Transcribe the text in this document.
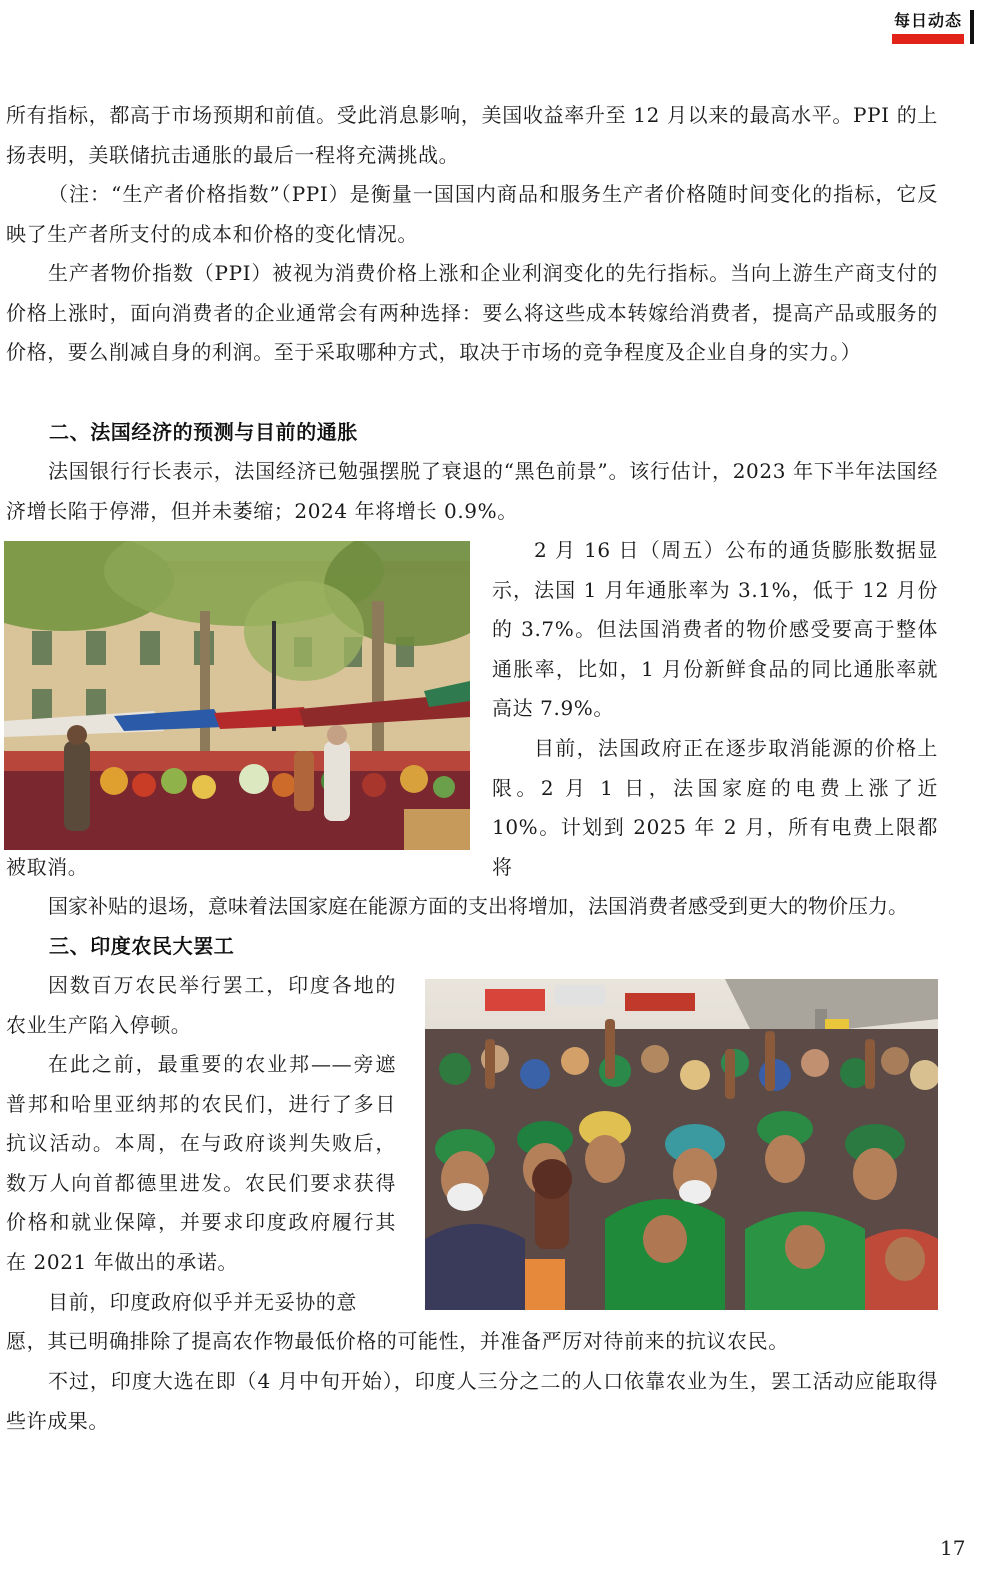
每日动态

所有指标，都高于市场预期和前值。受此消息影响，美国收益率升至 12 月以来的最高水平。PPI 的上扬表明，美联储抗击通胀的最后一程将充满挑战。

（注：“生产者价格指数”（PPI）是衡量一国国内商品和服务生产者价格随时间变化的指标，它反映了生产者所支付的成本和价格的变化情况。

生产者物价指数（PPI）被视为消费价格上涨和企业利润变化的先行指标。当向上游生产商支付的价格上涨时，面向消费者的企业通常会有两种选择：要么将这些成本转嫁给消费者，提高产品或服务的价格，要么削减自身的利润。至于采取哪种方式，取决于市场的竞争程度及企业自身的实力。）

二、法国经济的预测与目前的通胀

法国银行行长表示，法国经济已勉强摆脱了衰退的“黑色前景”。该行估计，2023 年下半年法国经济增长陷于停滞，但并未萎缩；2024 年将增长 0.9%。

2 月 16 日（周五）公布的通货膨胀数据显示，法国 1 月年通胀率为 3.1%，低于 12 月份的 3.7%。但法国消费者的物价感受要高于整体通胀率，比如，1 月份新鲜食品的同比通胀率就高达 7.9%。

目前，法国政府正在逐步取消能源的价格上限。2 月 1 日，法国家庭的电费上涨了近 10%。计划到 2025 年 2 月，所有电费上限都将

被取消。

国家补贴的退场，意味着法国家庭在能源方面的支出将增加，法国消费者感受到更大的物价压力。

三、印度农民大罢工

因数百万农民举行罢工，印度各地的农业生产陷入停顿。

在此之前，最重要的农业邦——旁遮普邦和哈里亚纳邦的农民们，进行了多日抗议活动。本周，在与政府谈判失败后，数万人向首都德里进发。农民们要求获得价格和就业保障，并要求印度政府履行其在 2021 年做出的承诺。

目前，印度政府似乎并无妥协的意

愿，其已明确排除了提高农作物最低价格的可能性，并准备严厉对待前来的抗议农民。

不过，印度大选在即（4 月中旬开始），印度人三分之二的人口依靠农业为生，罢工活动应能取得些许成果。

17
